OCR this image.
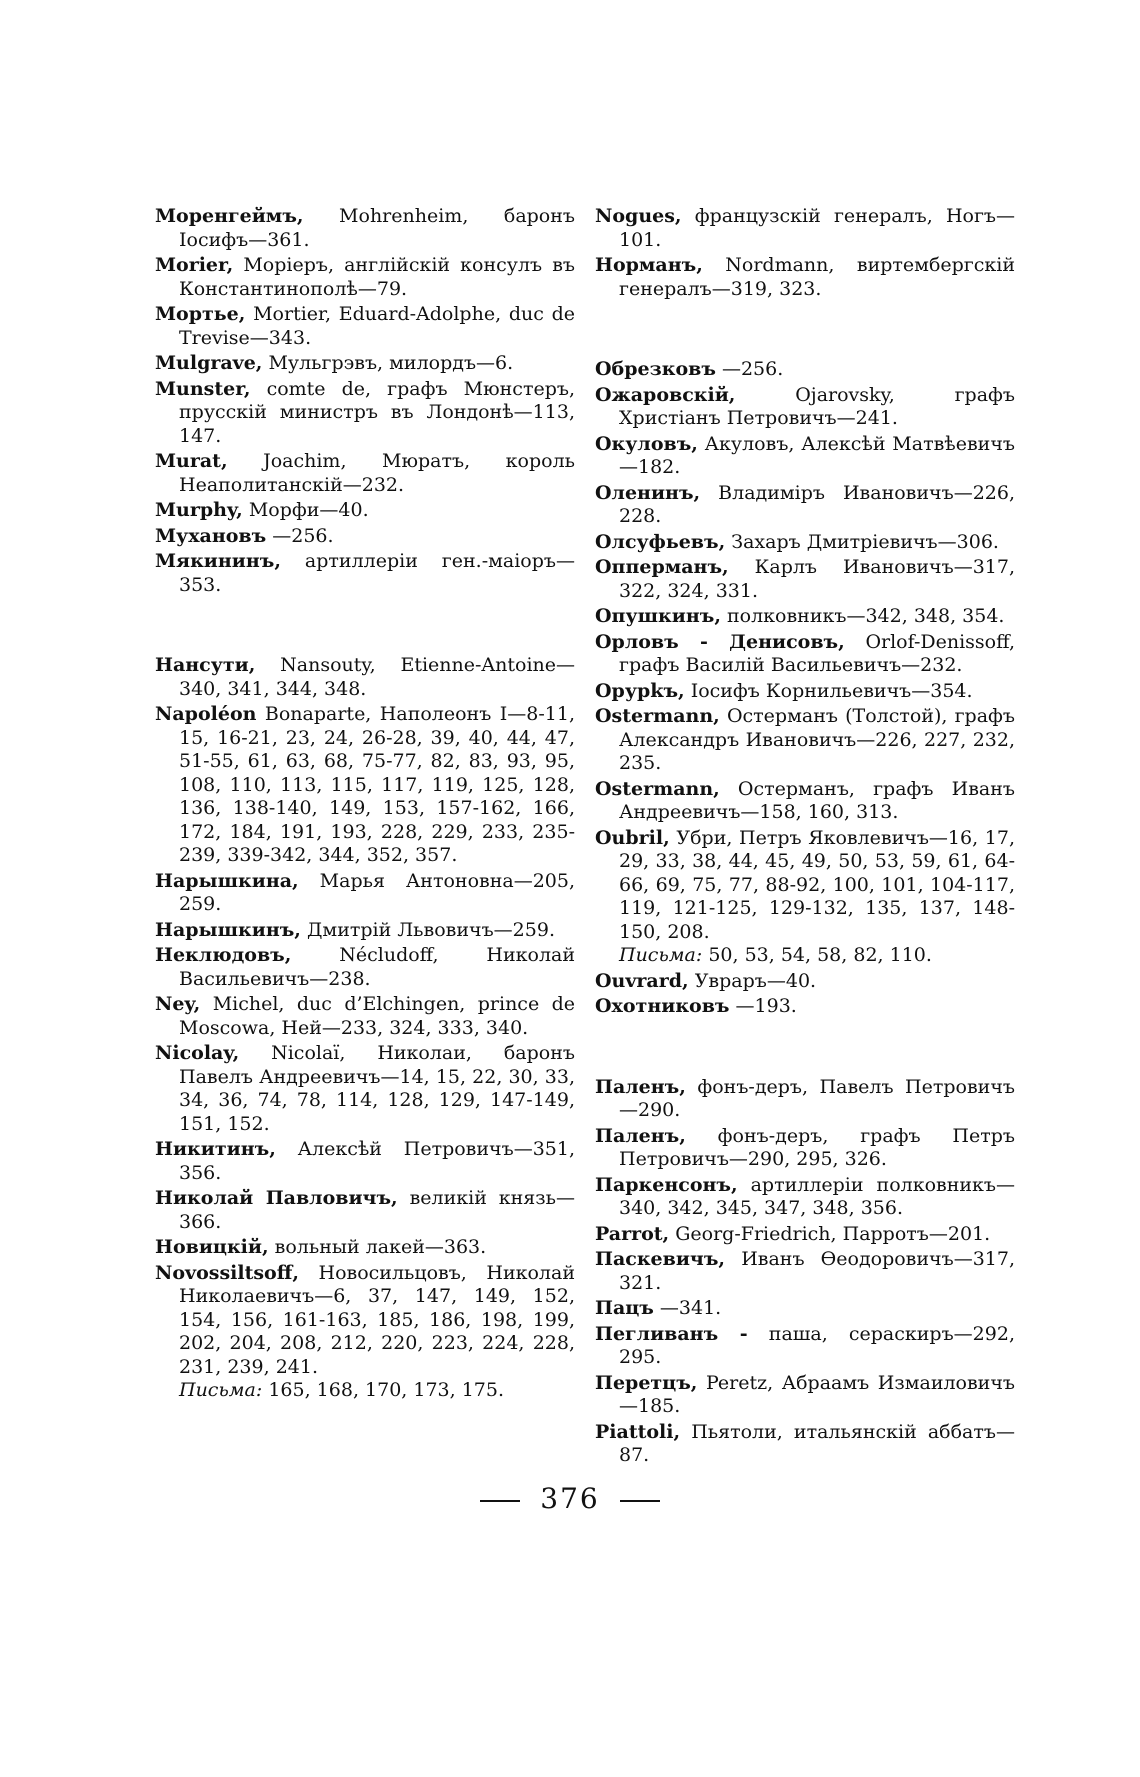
Моренгеймъ, Mohrenheim, баронъ Іосифъ—361.
Morier, Моріеръ, англійскій консулъ въ Константинополѣ—79.
Мортье, Mortier, Eduard-Adolphe, duc de Trevise—343.
Mulgrave, Мульгрэвъ, милордъ—6.
Munster, comte de, графъ Мюнстеръ, прусскій министръ въ Лондонѣ—113, 147.
Murat, Joachim, Мюратъ, король Неаполитанскій—232.
Murphy, Морфи—40.
Мухановъ —256.
Мякининъ, артиллеріи ген.-маіоръ—353.
Нансути, Nansouty, Etienne-Antoine—340, 341, 344, 348.
Napoléon Bonaparte, Наполеонъ I—8-11, 15, 16-21, 23, 24, 26-28, 39, 40, 44, 47, 51-55, 61, 63, 68, 75-77, 82, 83, 93, 95, 108, 110, 113, 115, 117, 119, 125, 128, 136, 138-140, 149, 153, 157-162, 166, 172, 184, 191, 193, 228, 229, 233, 235-239, 339-342, 344, 352, 357.
Нарышкина, Марья Антоновна—205, 259.
Нарышкинъ, Дмитрій Львовичъ—259.
Неклюдовъ,	Nécludoff, Николай Васильевичъ—238.
Ney, Michel, duc d’Elchingen, prince de Moscowa, Ней—233, 324, 333, 340.
Nicolay, Nicolaï, Николаи, баронъ Павелъ Андреевичъ—14, 15, 22, 30, 33, 34, 36, 74, 78, 114, 128, 129, 147-149, 151, 152.
Никитинъ, Алексѣй Петровичъ—351, 356.
Николай Павловичъ, великій князь—366.
Новицкій, вольный лакей—363.
Novossiltsoff, Новосильцовъ, Николай Николаевичъ—6, 37, 147, 149, 152, 154, 156, 161-163, 185, 186, 198, 199, 202, 204, 208, 212, 220, 223, 224, 228, 231, 239, 241.
Письма: 165, 168, 170, 173, 175.
Nogues, французскій генералъ, Ногъ—101.
Норманъ, Nordmann, виртембергскій генералъ—319, 323.
Обрезковъ —256.
Ожаровскій,	Ojarovsky, графъ Христіанъ Петровичъ—241.
Окуловъ, Акуловъ, Алексѣй Матвѣевичъ—182.
Оленинъ, Владиміръ Ивановичъ—226, 228.
Олсуфьевъ, Захаръ Дмитріевичъ—306.
Опперманъ, Карлъ Ивановичъ—317, 322, 324, 331.
Опушкинъ, полковникъ—342, 348, 354.
Орловъ - Денисовъ, Orlof-Denissoff, графъ Василій Васильевичъ—232.
Орурkъ, Іосифъ Корнильевичъ—354.
Ostermann, Остерманъ (Толстой), графъ Александръ Ивановичъ—226, 227, 232, 235.
Ostermann, Остерманъ, графъ Иванъ Андреевичъ—158, 160, 313.
Oubril, Убри, Петръ Яковлевичъ—16, 17, 29, 33, 38, 44, 45, 49, 50, 53, 59, 61, 64-66, 69, 75, 77, 88-92, 100, 101, 104-117, 119, 121-125, 129-132, 135, 137, 148-150, 208.
Письма: 50, 53, 54, 58, 82, 110.
Ouvrard, Увраръ—40.
Охотниковъ —193.
Паленъ, фонъ-деръ, Павелъ Петровичъ—290.
Паленъ, фонъ-деръ, графъ Петръ Петровичъ—290, 295, 326.
Паркенсонъ, артиллеріи полковникъ—340, 342, 345, 347, 348, 356.
Parrot, Georg-Friedrich, Парротъ—201.
Паскевичъ, Иванъ Ѳеодоровичъ—317, 321.
Пацъ —341.
Пегливанъ - паша, сераскиръ—292, 295.
Перетцъ, Peretz, Абраамъ Измаиловичъ—185.
Piattoli, Пьятоли, итальянскій аббатъ—87.
376
